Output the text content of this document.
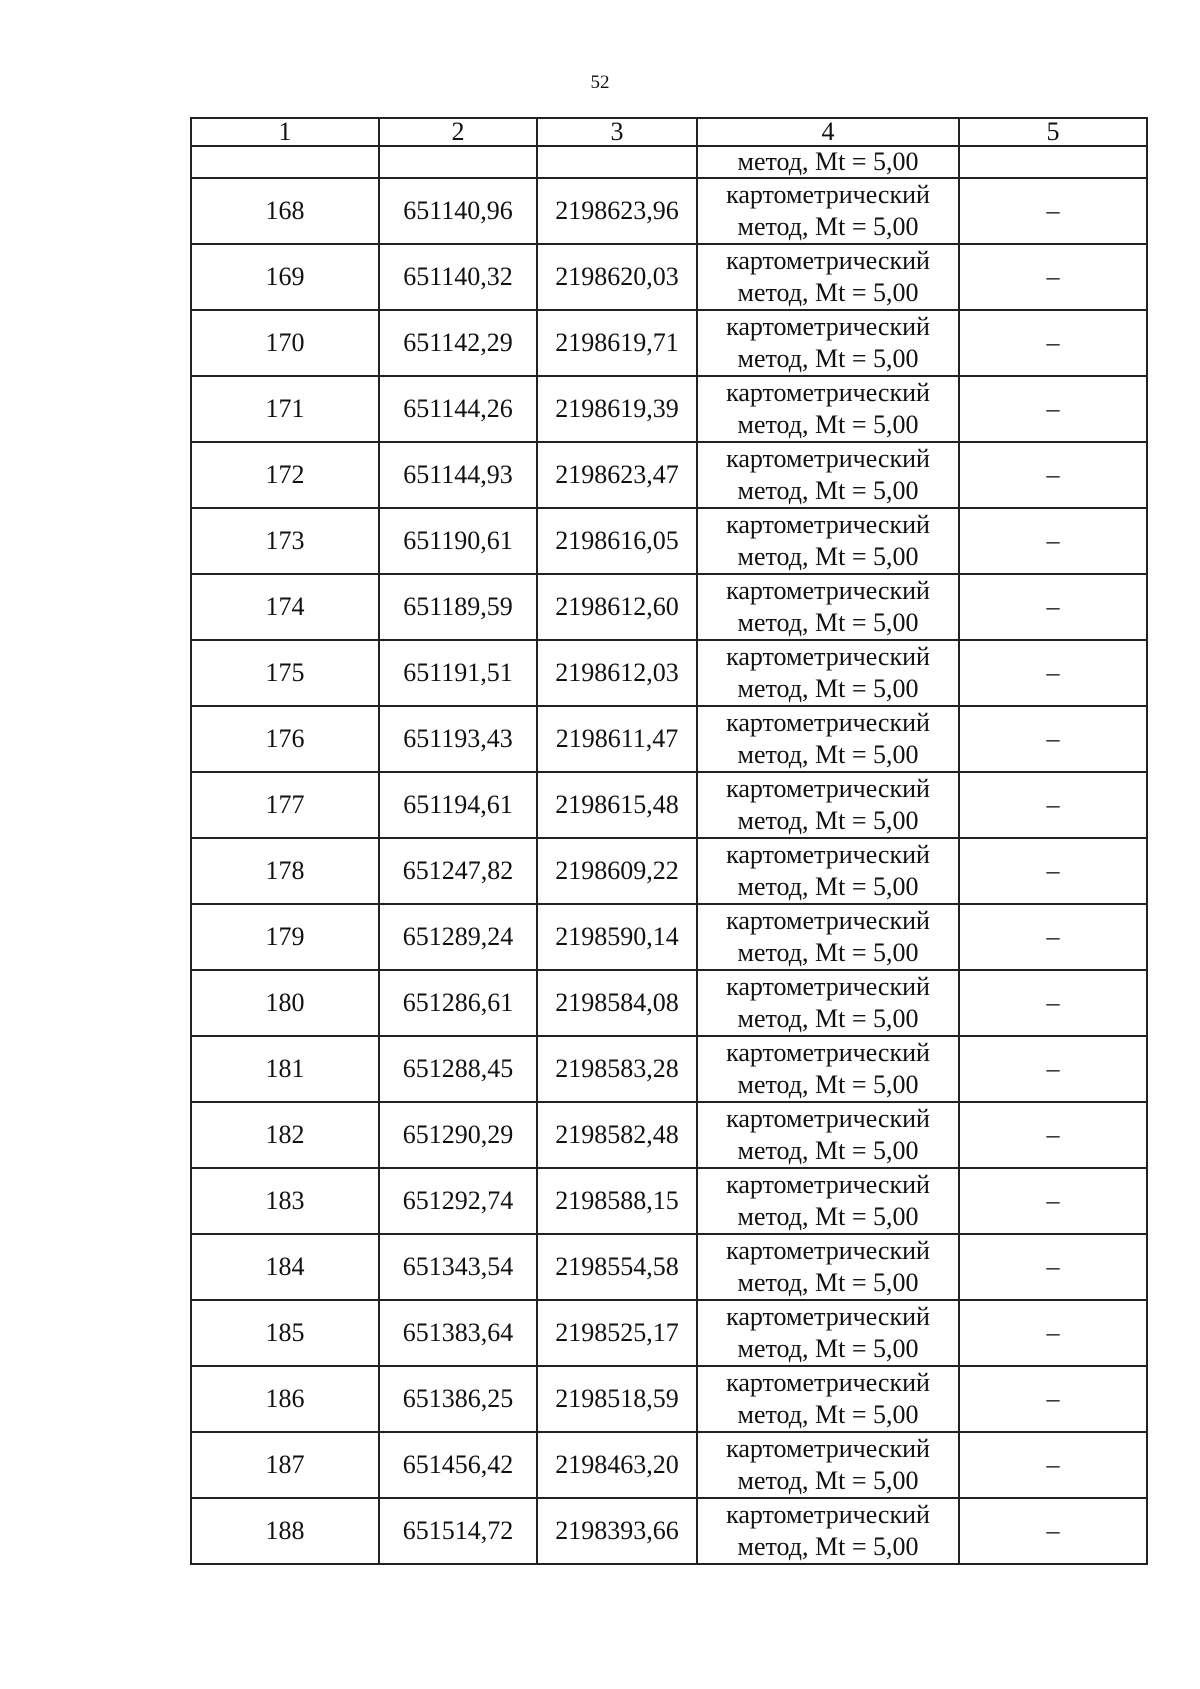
52
1	2	3	4	5
			метод, Mt = 5,00	
168	651140,96	2198623,96	картометрический
метод, Mt = 5,00	–
169	651140,32	2198620,03	картометрический
метод, Mt = 5,00	–
170	651142,29	2198619,71	картометрический
метод, Mt = 5,00	–
171	651144,26	2198619,39	картометрический
метод, Mt = 5,00	–
172	651144,93	2198623,47	картометрический
метод, Mt = 5,00	–
173	651190,61	2198616,05	картометрический
метод, Mt = 5,00	–
174	651189,59	2198612,60	картометрический
метод, Mt = 5,00	–
175	651191,51	2198612,03	картометрический
метод, Mt = 5,00	–
176	651193,43	2198611,47	картометрический
метод, Mt = 5,00	–
177	651194,61	2198615,48	картометрический
метод, Mt = 5,00	–
178	651247,82	2198609,22	картометрический
метод, Mt = 5,00	–
179	651289,24	2198590,14	картометрический
метод, Mt = 5,00	–
180	651286,61	2198584,08	картометрический
метод, Mt = 5,00	–
181	651288,45	2198583,28	картометрический
метод, Mt = 5,00	–
182	651290,29	2198582,48	картометрический
метод, Mt = 5,00	–
183	651292,74	2198588,15	картометрический
метод, Mt = 5,00	–
184	651343,54	2198554,58	картометрический
метод, Mt = 5,00	–
185	651383,64	2198525,17	картометрический
метод, Mt = 5,00	–
186	651386,25	2198518,59	картометрический
метод, Mt = 5,00	–
187	651456,42	2198463,20	картометрический
метод, Mt = 5,00	–
188	651514,72	2198393,66	картометрический
метод, Mt = 5,00	–
